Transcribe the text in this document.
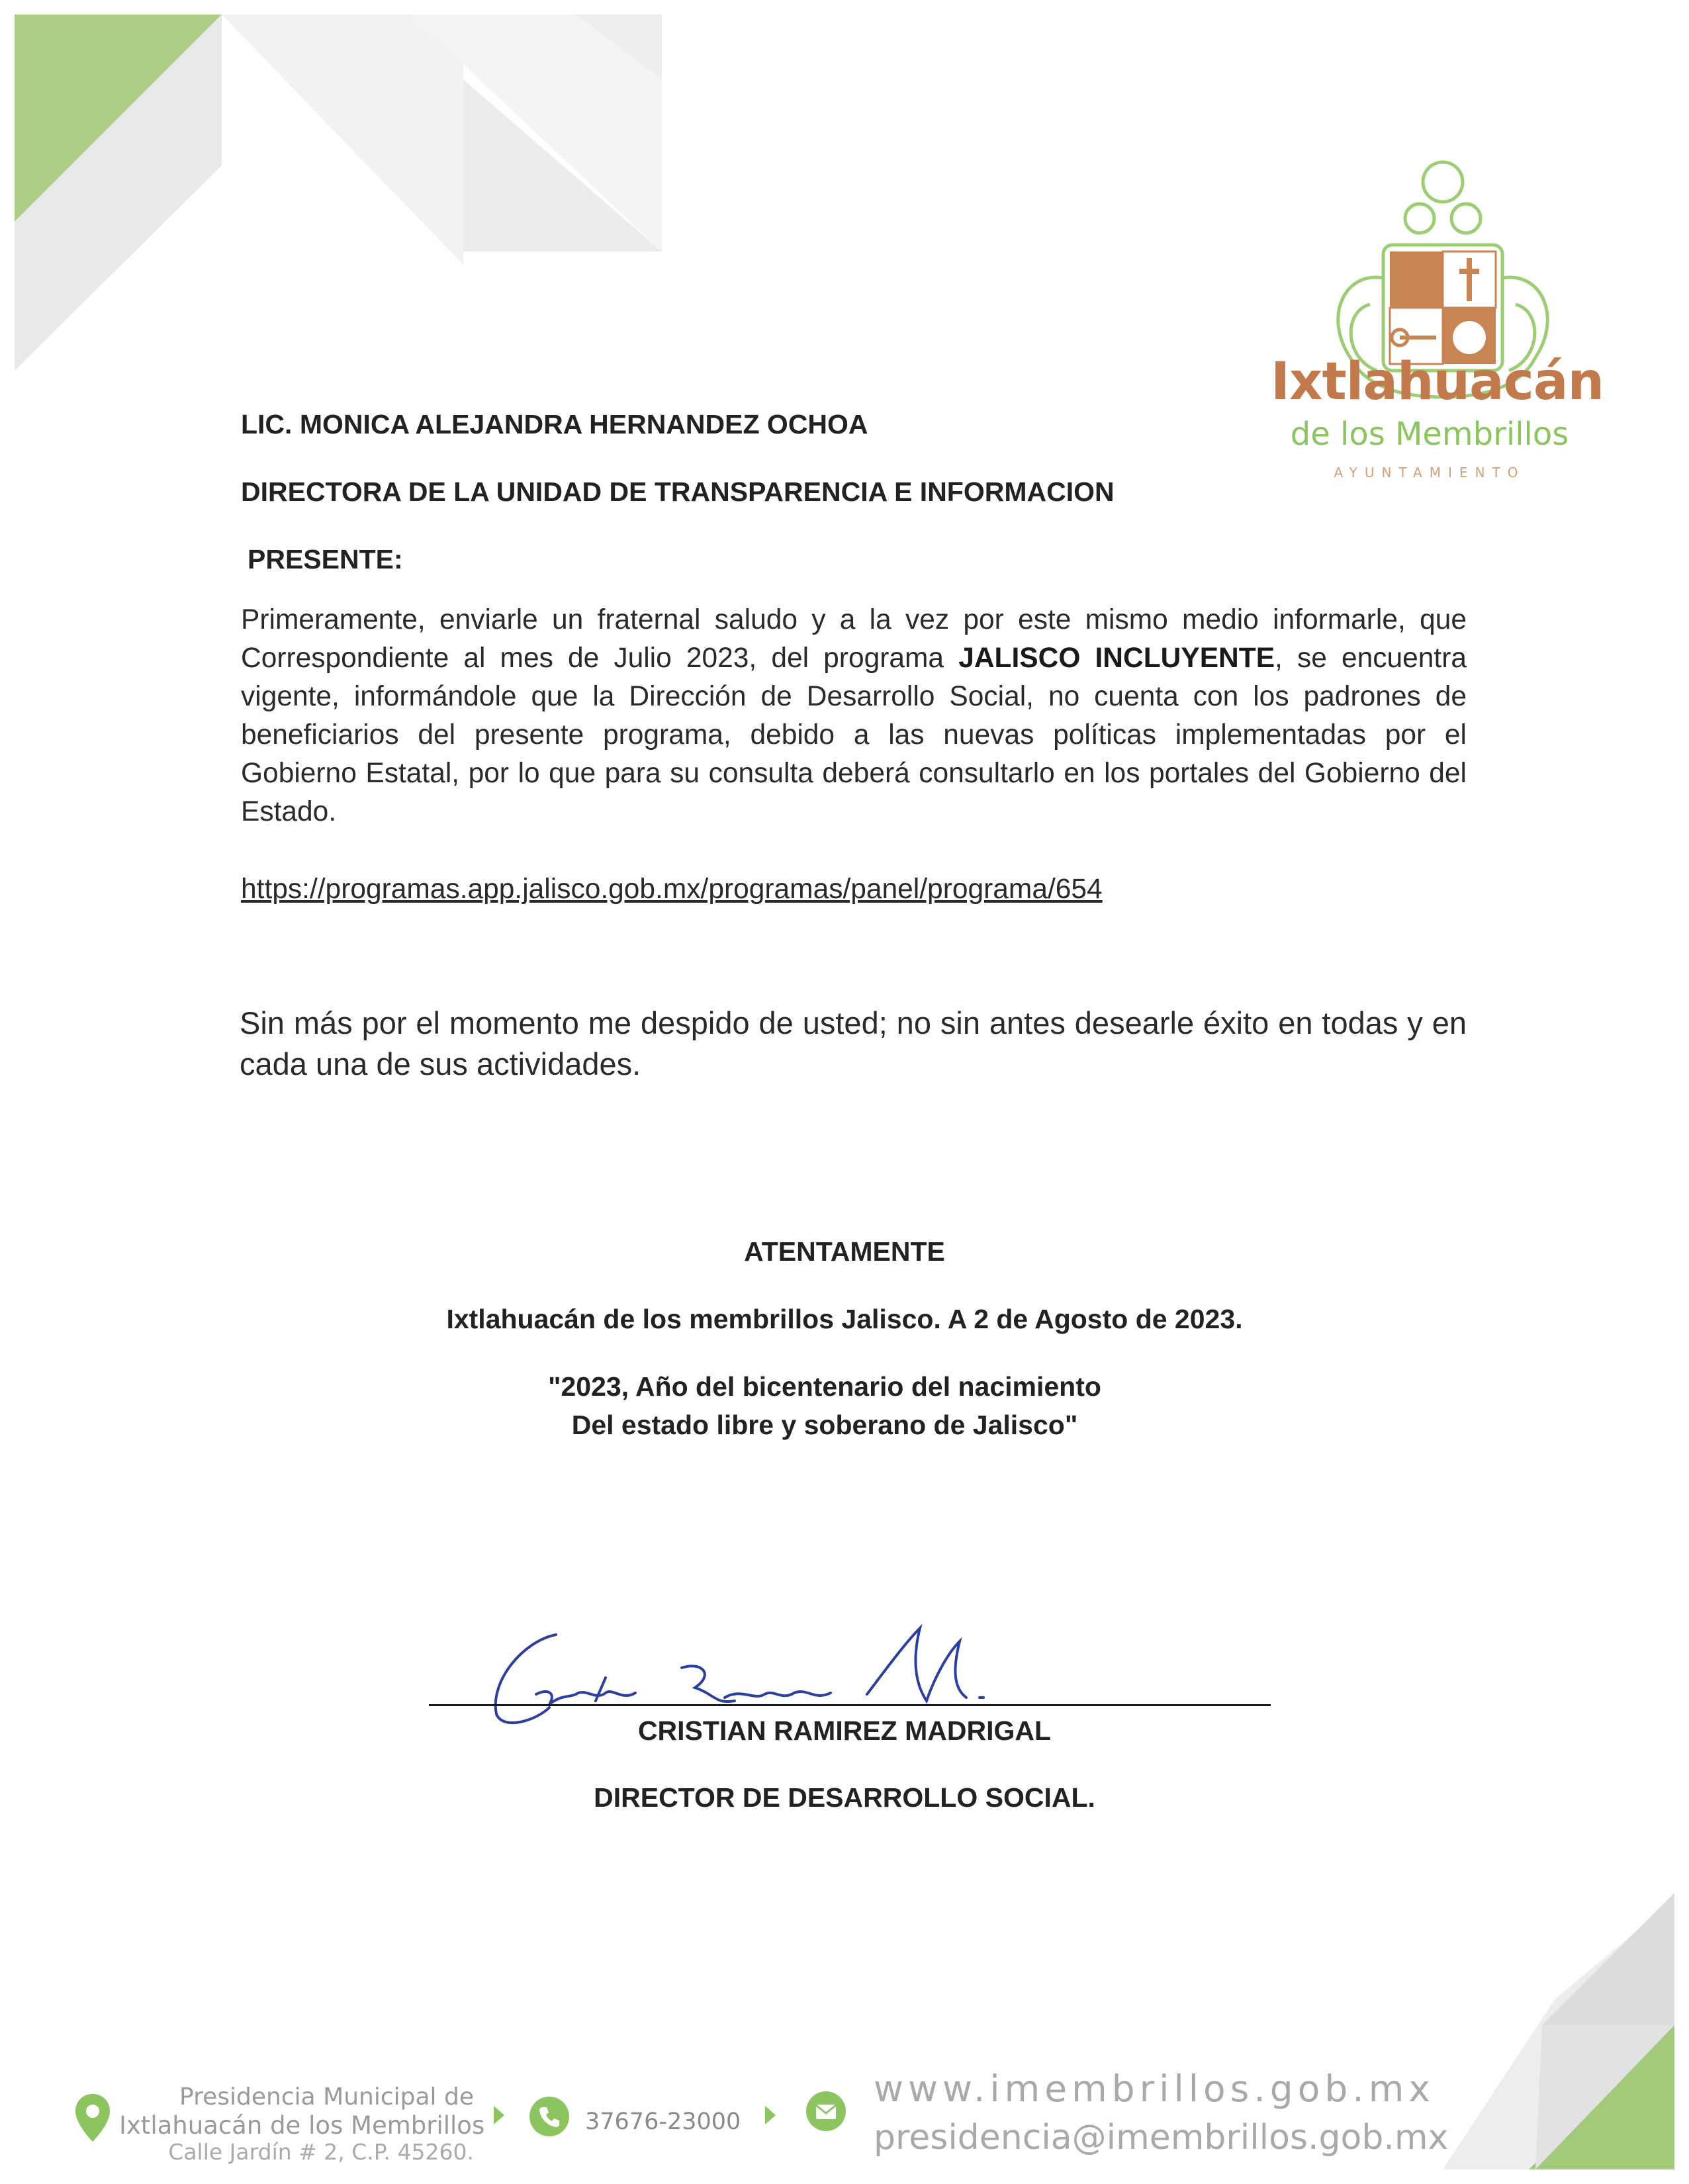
Ixtlahuacán
de los Membrillos
AYUNTAMIENTO
LIC. MONICA ALEJANDRA HERNANDEZ OCHOA
DIRECTORA DE LA UNIDAD DE TRANSPARENCIA E INFORMACION
PRESENTE:
Primeramente, enviarle un fraternal saludo y a la vez por este mismo medio informarle, que Correspondiente al mes de Julio 2023, del programa JALISCO INCLUYENTE, se encuentra vigente, informándole que la Dirección de Desarrollo Social, no cuenta con los padrones de beneficiarios del presente programa, debido a las nuevas políticas implementadas por el Gobierno Estatal, por lo que para su consulta deberá consultarlo en los portales del Gobierno del Estado.
https://programas.app.jalisco.gob.mx/programas/panel/programa/654
Sin más por el momento me despido de usted; no sin antes desearle éxito en todas y en cada una de sus actividades.
ATENTAMENTE
Ixtlahuacán de los membrillos Jalisco. A 2 de Agosto de 2023.
"2023, Año del bicentenario del nacimiento
Del estado libre y soberano de Jalisco"
CRISTIAN RAMIREZ MADRIGAL
DIRECTOR DE DESARROLLO SOCIAL.
Presidencia Municipal de
Ixtlahuacán de los Membrillos
Calle Jardín # 2, C.P. 45260.
37676-23000
www.imembrillos.gob.mx
presidencia@imembrillos.gob.mx
